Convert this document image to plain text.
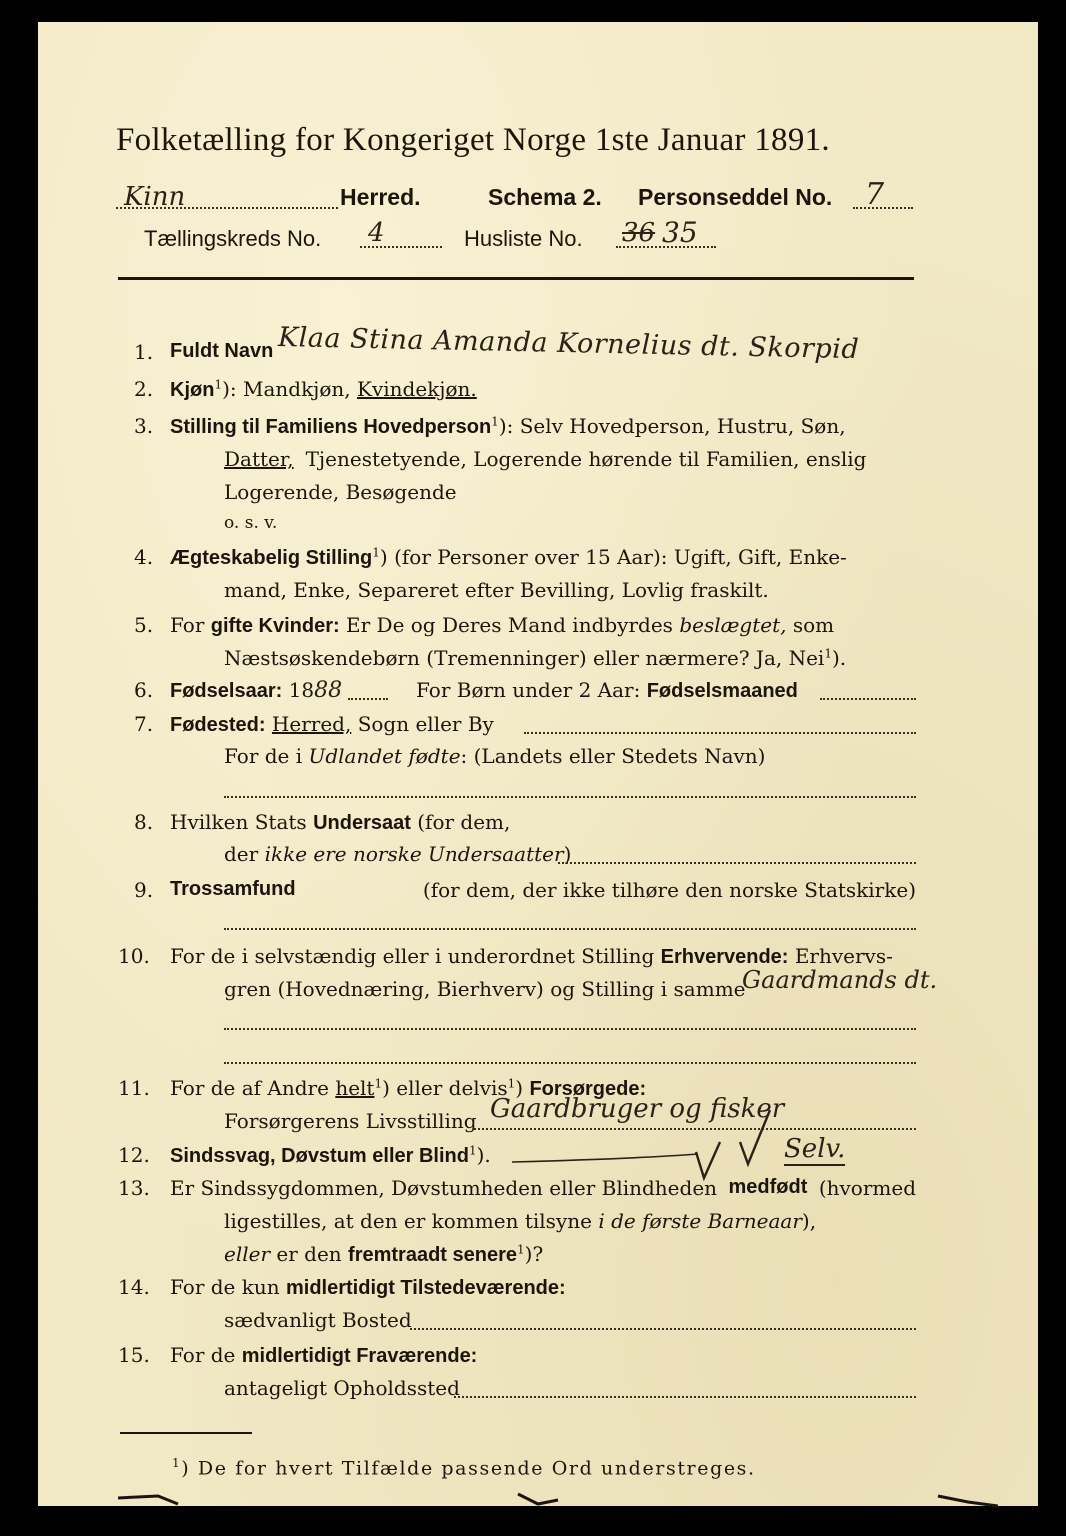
Folketælling for Kongeriget Norge 1ste Januar 1891.
Kinn	Herred.	Schema 2. Personseddel No. 7
Tællingskreds No. 4	Husliste No. 36 35
1.
2.
3.
4.
5.
6.
7.
8.
9.
10.
11.
12.
13.
14.
15.
Fuldt Navn Klaa Stina Amanda Kornelius dt. Skorpid
Kjøn$^1$): Mandkjøn, Kvindekjøn.
Stilling til Familiens Hovedperson$^1$): Selv Hovedperson, Hustru, Søn,
Datter, Tjenestetyende, Logerende hørende til Familien, enslig
Logerende, Besøgende
o. s. v.
Ægteskabelig Stilling$^1$) (for Personer over 15 Aar): Ugift, Gift, Enke-
mand, Enke, Separeret efter Bevilling, Lovlig fraskilt.
For gifte Kvinder: Er De og Deres Mand indbyrdes beslægtet, som
Næstsøskendebørn (Tremenninger) eller nærmere? Ja, Nei$^1$).
Fødselsaar: 1888	For Børn under 2 Aar: Fødselsmaaned
Fødested: Herred, Sogn eller By
For de i Udlandet fødte: (Landets eller Stedets Navn)
Hvilken Stats Undersaat (for dem,
der ikke ere norske Undersaatter)
Trossamfund	(for dem, der ikke tilhøre den norske Statskirke)
For de i selvstændig eller i underordnet Stilling Erhvervende: Erhvervs-
gren (Hovednæring, Bierhverv) og Stilling i samme
Gaardmands dt.
For de af Andre helt$^1$) eller delvis$^1$) Forsørgede:
Forsørgerens Livsstilling Gaardbruger og fisker
Sindssvag, Døvstum eller Blind$^1$).	Selv.
Er Sindssygdommen, Døvstumheden eller Blindheden medfødt (hvormed
ligestilles, at den er kommen tilsyne i de første Barneaar),
eller er den fremtraadt senere$^1$)?
For de kun midlertidigt Tilstedeværende:
sædvanligt Bosted
For de midlertidigt Fraværende:
antageligt Opholdssted
$^1$) De for hvert Tilfælde passende Ord understreges.
